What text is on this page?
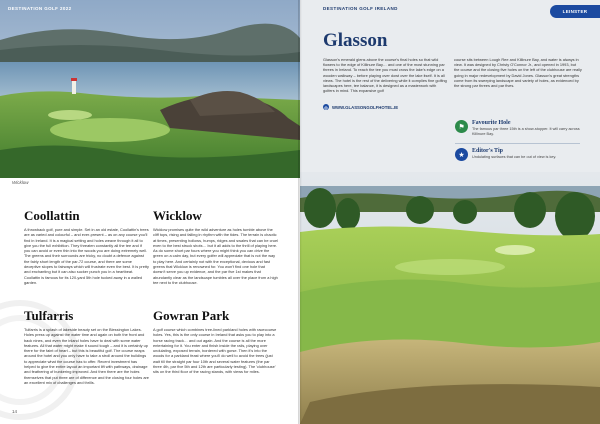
DESTINATION GOLF 2022
Wicklow
Coollattin

A throwback golf, pure and simple. Set in an old estate, Coollattin's trees are as varied and colourful – and ever-present – as on any course you'll find in Ireland. It is a magical setting and holes weave through it all to give you the full exhibition. They threaten constantly all the tee and if you can avoid or even thin into the woods you are doing extremely well. The greens and their surrounds are tricky, no doubt a defence against the fairly short length of the par-72 course, and there are some deceptive slopes to fairways which will frustrate even the best. It is pretty and enchanting but it can also sucker punch you in a heartbeat. Coollattin is famous for its 120-yard 5th hole tucked away in a walled garden.

Wicklow

Wicklow promises quite the wild adventure as holes tumble above the cliff tops, rising and falling in rhythm with the tides. The terrain is chaotic at times, presenting hollows, humps, ridges and swales that can be cruel even to the best struck shots… but it all adds to the thrill of playing here. As do some short par fours where you might think you can drive the green on a calm day, but every golfer will appreciate that is not the way to play here. And certainly not with the exceptional, devious and fast greens that Wicklow is renowned for. You won't find one hole that doesn't serve you up evidence, and the par five 1st makes that abundantly clear as the landscape tumbles all over the place from a high tee next to the clubhouse.

Tulfarris

Tulfarris is a splash of lakeside beauty set on the Blessington Lakes. Holes press up against the water time and again on both the front and back nines, and even the inland holes have to deal with some water features. All that water might make it sound tough – and it is certainly up there for the faint of heart – but this is beautiful golf. The course wraps around the hotel and you only have to take a stroll around the buildings to appreciate what the course has to offer. Recent investment has helped to give the entire layout an important lift with pathways, drainage and feathering of bunkering improved. And then there are the holes themselves that put three are of difference and the closing four holes are an excellent mix of challenges and thrills.

Gowran Park

A golf course which combines tree-lined parkland holes with racecourse holes. Yes, this is the only course in Ireland that asks you to play into a horse racing track… and out again. And the course is all the more entertaining for it. You enter and finish inside the rails, playing over undulating, exposed terrain, bordered with gorse. Then it's into the woods for a parkland feast where you'll do well to avoid the trees (just wait till the straight par four 10th and several water features (the par three 4th, par five 5th and 12th are particularly testing). The 'clubhouse' sits on the third floor of the racing stands, with views for miles.

14
DESTINATION GOLF IRELAND
LEINSTER
Glasson
Glasson's emerald glens above the course's final holes so that wild flowers to the edge of Killinure Bay… and one of the most stunning par threes in Ireland. To reach the tee you must cross the lake's edge on a wooden walkway – before playing over dowt over the lake itself. It is all views. The hotel is the rest of the delivering while it complies fine golfing landscapes here, tee balance, it is designed as a masterwork with golfers in mind. This expansive golf
course sits between Lough Ree and Killinure Bay, and water is always in view. It was designed by Christy O'Connor Jr., and opened in 1993, but the course and the closing five holes on the left of the clubhouse are really going in major redevelopment by David Jones. Glasson's great strengths come from its sweeping landscape and variety of holes, as evidenced by the strong par threes and par fives.
◎ WWW.GLASSONGOLFHOTEL.IE
⚑	Favourite Hole

The famous par three 15th is a show-stopper. It will carry across Killinure Bay.

★	Editor's Tip

Undulating surfaces that can be out of view is key.
